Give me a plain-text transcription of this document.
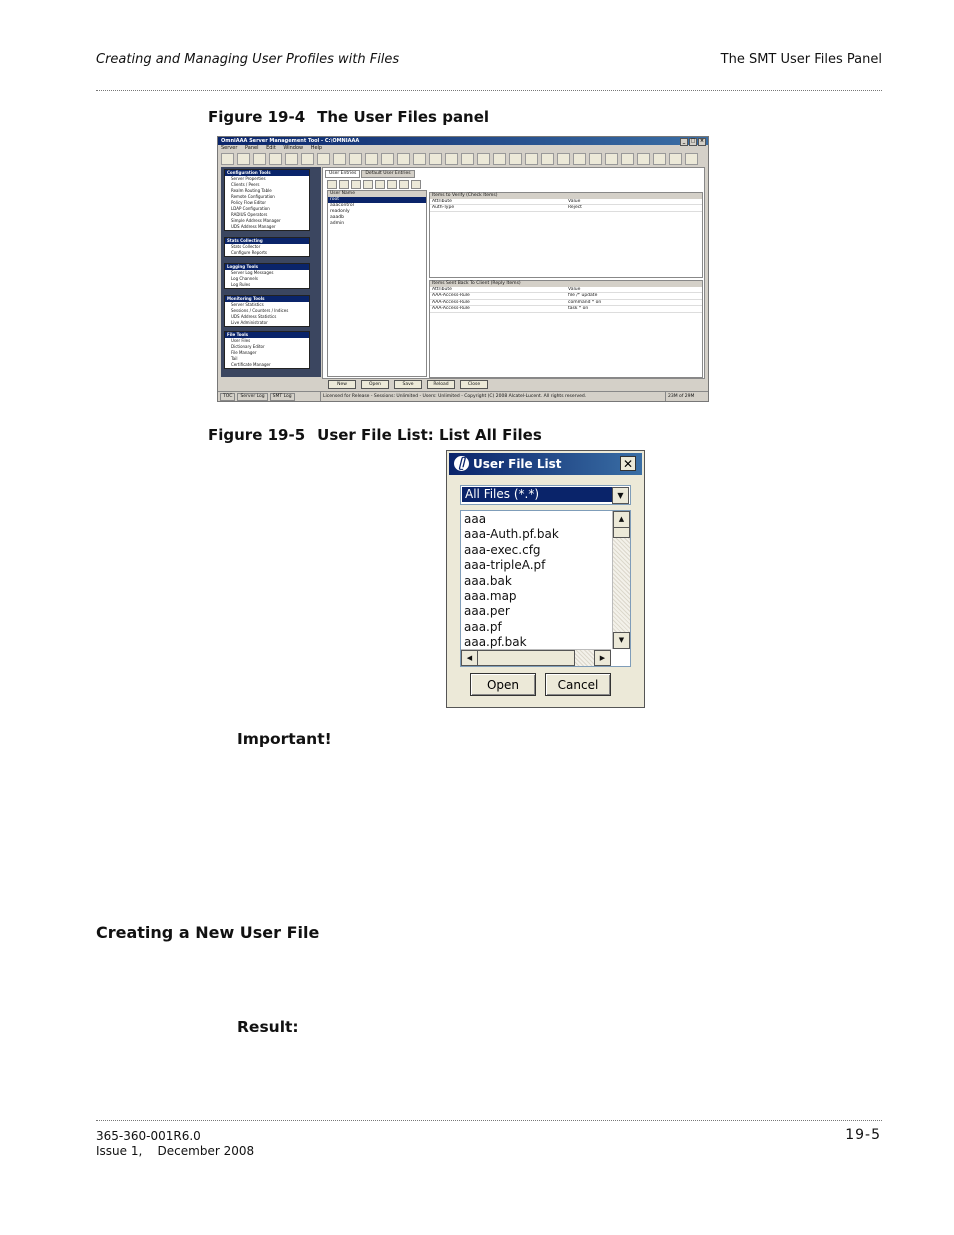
Creating and Managing User Profiles with Files	The SMT User Files Panel
Figure 19-4 The User Files panel
OmniAAA Server Management Tool - C:\OMNIAAA	_	□ ×
Server Panel Edit Window Help
Configuration Tools
Server Properties
Clients / Peers
Realm Routing Table
Remote Configuration
Policy Flow Editor
LDAP Configuration
RADIUS Operators
Simple Address Manager
UDS Address Manager
Stats Collecting
Stats Collector
Configure Reports
Logging Tools
Server Log Messages
Log Channels
Log Rules
Monitoring Tools
Server Statistics
Sessions / Counters / Indices
UDS Address Statistics
Live Administrator
File Tools
User Files
Dictionary Editor
File Manager
Tail
Certificate Manager
User Entries	Default User Entries
User Name
root
aaacontrol
readonly
aaadb
admin
Items to Verify (Check Items)
Attribute	Value
Auth-Type	Reject
Items Sent Back To Client (Reply Items)
Attribute	Value
AAA-Access-Rule	file /* update
AAA-Access-Rule	command * on
AAA-Access-Rule	task * on
New	Open	Save	Reload	Close
TOC	Server Log	SMT Log	Licensed for Release - Sessions: Unlimited - Users: Unlimited - Copyright (C) 2008 Alcatel-Lucent. All rights reserved.	23M of 29M
Figure 19-5 User File List: List All Files
ᥫ User File List	✕
All Files (*.*)	▼
aaa
aaa-Auth.pf.bak
aaa-exec.cfg
aaa-tripleA.pf
aaa.bak
aaa.map
aaa.per
aaa.pf
aaa.pf.bak
▲
▼
◀	▶
Open	Cancel
Important!
Creating a New User File
Result:
365-360-001R6.0
Issue 1,    December 2008
19-5
